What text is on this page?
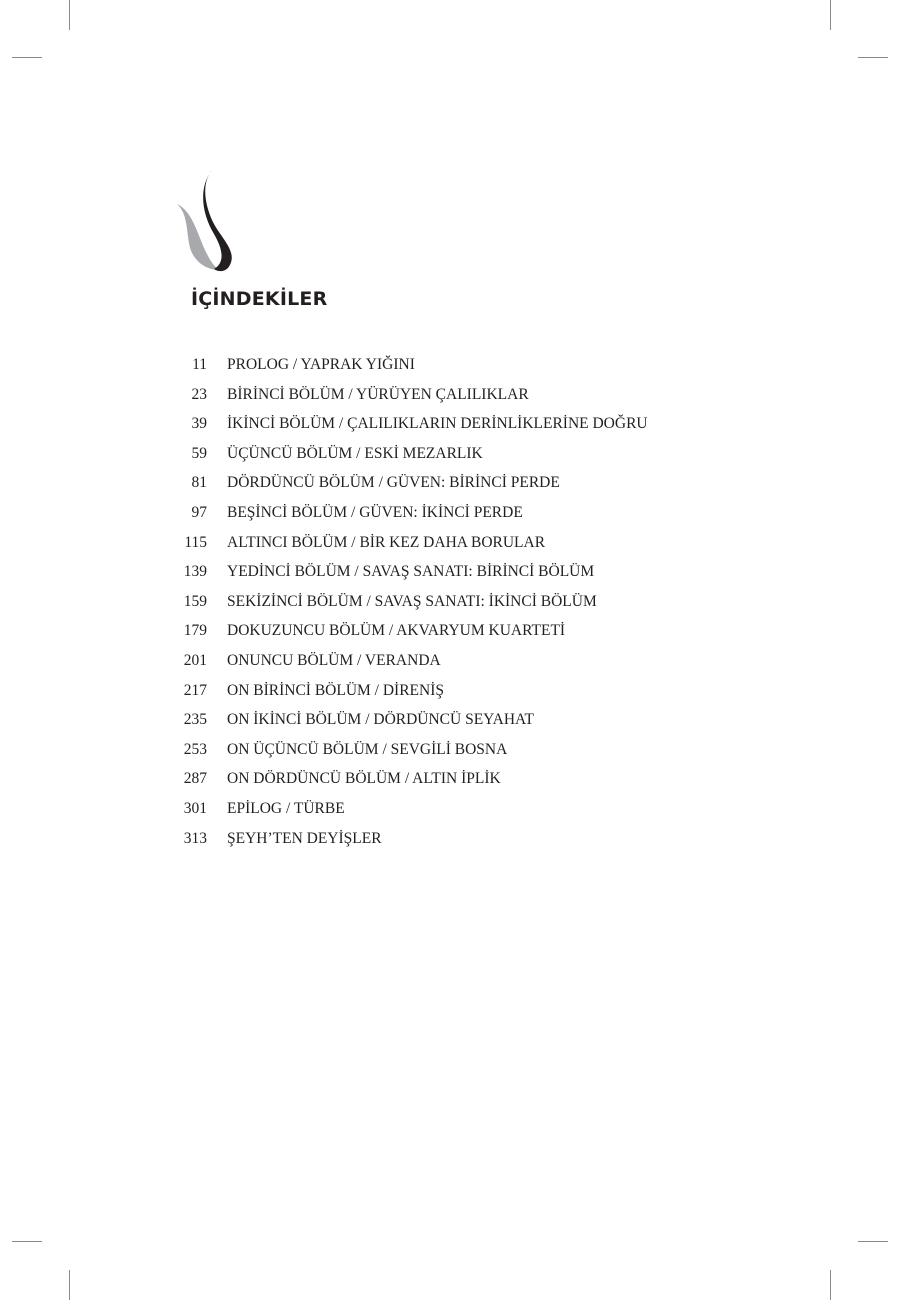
İÇİNDEKİLER
11 PROLOG / YAPRAK YIĞINI
23 BİRİNCİ BÖLÜM / YÜRÜYEN ÇALILIKLAR
39 İKİNCİ BÖLÜM / ÇALILIKLARIN DERİNLİKLERİNE DOĞRU
59 ÜÇÜNCÜ BÖLÜM / ESKİ MEZARLIK
81 DÖRDÜNCÜ BÖLÜM / GÜVEN: BİRİNCİ PERDE
97 BEŞİNCİ BÖLÜM / GÜVEN: İKİNCİ PERDE
115 ALTINCI BÖLÜM / BİR KEZ DAHA BORULAR
139 YEDİNCİ BÖLÜM / SAVAŞ SANATI: BİRİNCİ BÖLÜM
159 SEKİZİNCİ BÖLÜM / SAVAŞ SANATI: İKİNCİ BÖLÜM
179 DOKUZUNCU BÖLÜM / AKVARYUM KUARTETİ
201 ONUNCU BÖLÜM / VERANDA
217 ON BİRİNCİ BÖLÜM / DİRENİŞ
235 ON İKİNCİ BÖLÜM / DÖRDÜNCÜ SEYAHAT
253 ON ÜÇÜNCÜ BÖLÜM / SEVGİLİ BOSNA
287 ON DÖRDÜNCÜ BÖLÜM / ALTIN İPLİK
301 EPİLOG / TÜRBE
313 ŞEYH’TEN DEYİŞLER
